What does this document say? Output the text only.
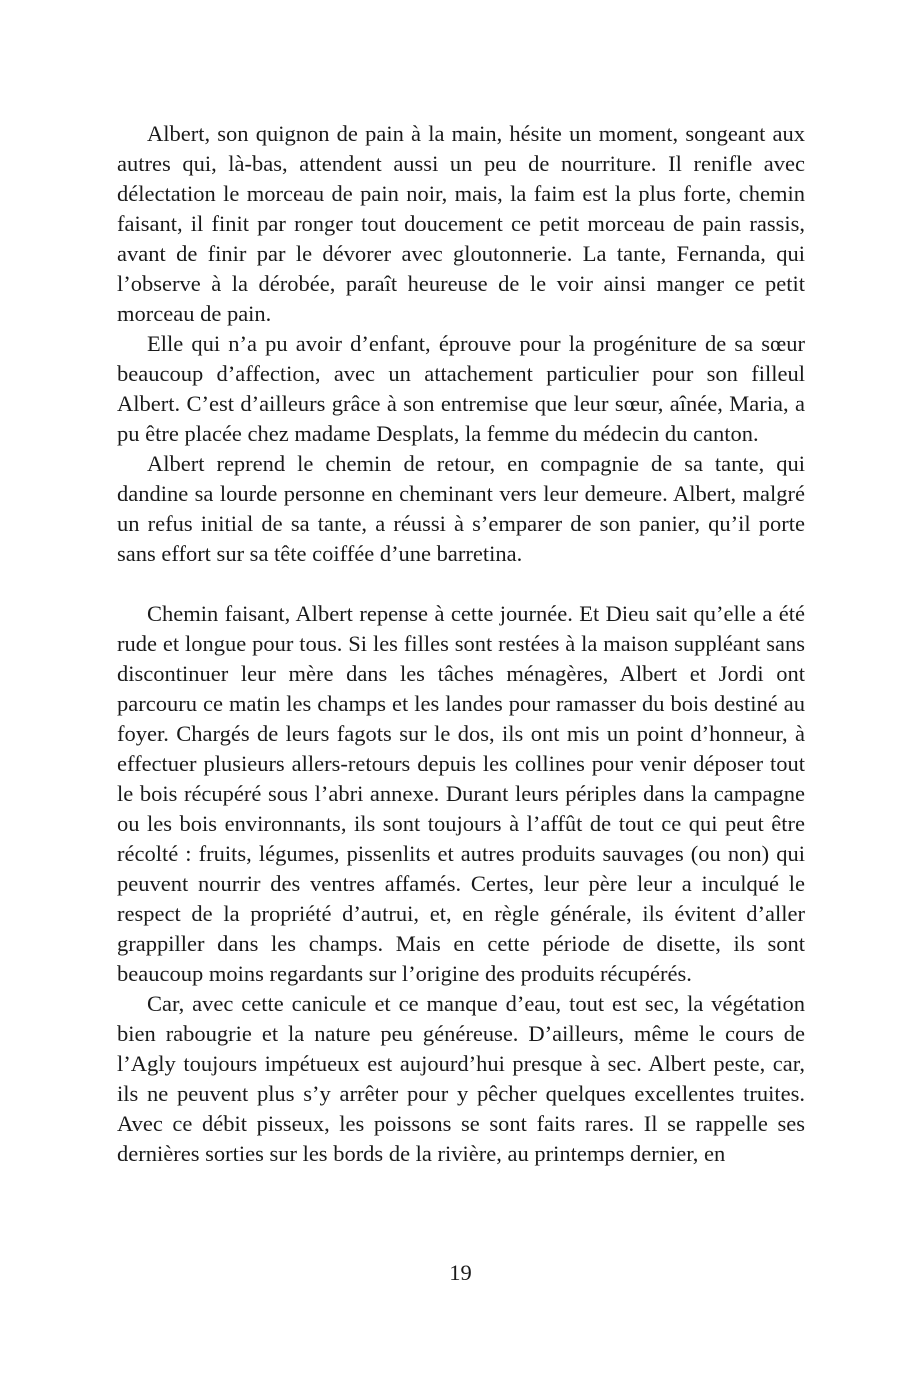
Albert, son quignon de pain à la main, hésite un moment, songeant aux autres qui, là-bas, attendent aussi un peu de nourriture. Il renifle avec délectation le morceau de pain noir, mais, la faim est la plus forte, chemin faisant, il finit par ronger tout doucement ce petit morceau de pain rassis, avant de finir par le dévorer avec gloutonnerie. La tante, Fernanda, qui l’observe à la dérobée, paraît heureuse de le voir ainsi manger ce petit morceau de pain.

Elle qui n’a pu avoir d’enfant, éprouve pour la progéniture de sa sœur beaucoup d’affection, avec un attachement particulier pour son filleul Albert. C’est d’ailleurs grâce à son entremise que leur sœur, aînée, Maria, a pu être placée chez madame Desplats, la femme du médecin du canton.

Albert reprend le chemin de retour, en compagnie de sa tante, qui dandine sa lourde personne en cheminant vers leur demeure. Albert, malgré un refus initial de sa tante, a réussi à s’emparer de son panier, qu’il porte sans effort sur sa tête coiffée d’une barretina.

Chemin faisant, Albert repense à cette journée. Et Dieu sait qu’elle a été rude et longue pour tous. Si les filles sont restées à la maison suppléant sans discontinuer leur mère dans les tâches ménagères, Albert et Jordi ont parcouru ce matin les champs et les landes pour ramasser du bois destiné au foyer. Chargés de leurs fagots sur le dos, ils ont mis un point d’honneur, à effectuer plusieurs allers-retours depuis les collines pour venir déposer tout le bois récupéré sous l’abri annexe. Durant leurs périples dans la campagne ou les bois environnants, ils sont toujours à l’affût de tout ce qui peut être récolté : fruits, légumes, pissenlits et autres produits sauvages (ou non) qui peuvent nourrir des ventres affamés. Certes, leur père leur a inculqué le respect de la propriété d’autrui, et, en règle générale, ils évitent d’aller grappiller dans les champs. Mais en cette période de disette, ils sont beaucoup moins regardants sur l’origine des produits récupérés.

Car, avec cette canicule et ce manque d’eau, tout est sec, la végétation bien rabougrie et la nature peu généreuse. D’ailleurs, même le cours de l’Agly toujours impétueux est aujourd’hui presque à sec. Albert peste, car, ils ne peuvent plus s’y arrêter pour y pêcher quelques excellentes truites. Avec ce débit pisseux, les poissons se sont faits rares. Il se rappelle ses dernières sorties sur les bords de la rivière, au printemps dernier, en

19
